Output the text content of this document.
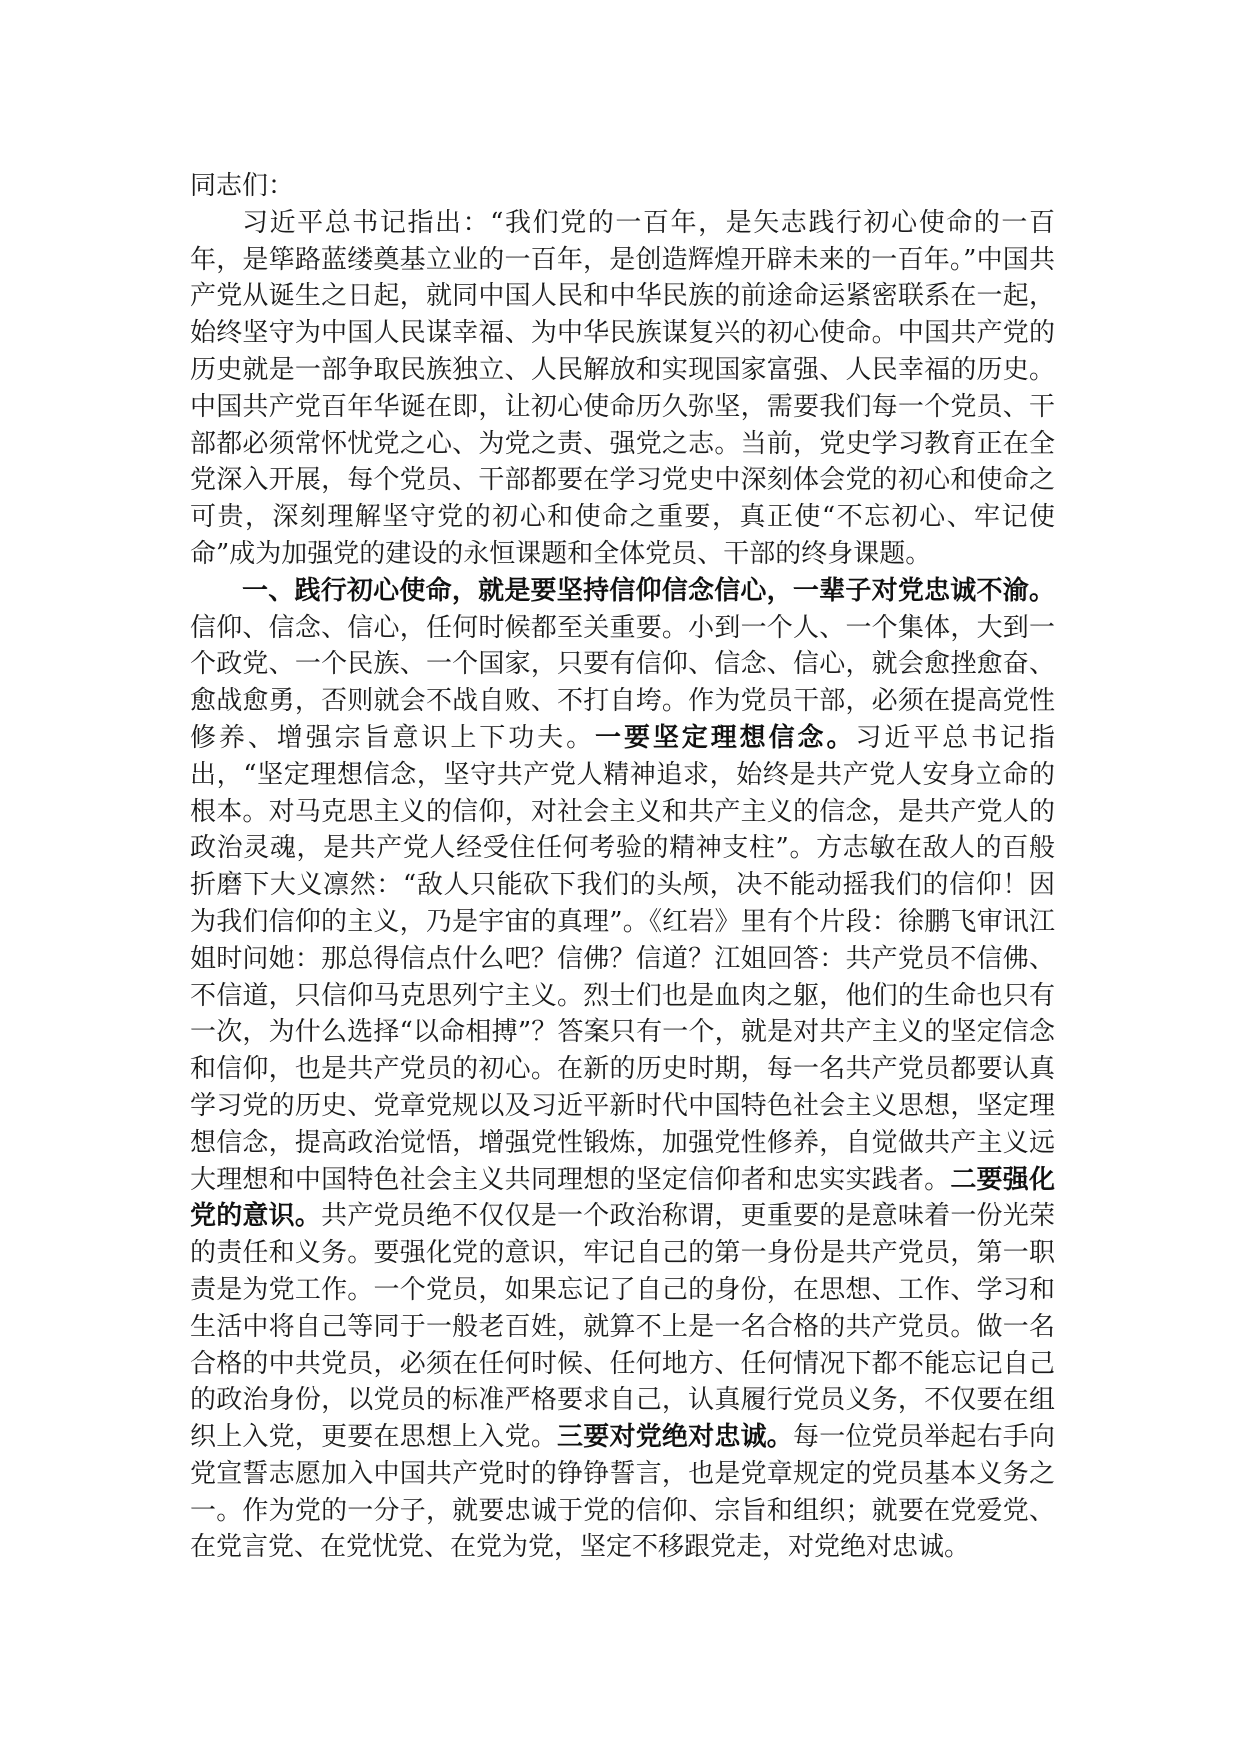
同志们：

习近平总书记指出：“我们党的一百年，是矢志践行初心使命的一百年，是筚路蓝缕奠基立业的一百年，是创造辉煌开辟未来的一百年。”中国共产党从诞生之日起，就同中国人民和中华民族的前途命运紧密联系在一起，始终坚守为中国人民谋幸福、为中华民族谋复兴的初心使命。中国共产党的历史就是一部争取民族独立、人民解放和实现国家富强、人民幸福的历史。中国共产党百年华诞在即，让初心使命历久弥坚，需要我们每一个党员、干部都必须常怀忧党之心、为党之责、强党之志。当前，党史学习教育正在全党深入开展，每个党员、干部都要在学习党史中深刻体会党的初心和使命之可贵，深刻理解坚守党的初心和使命之重要，真正使“不忘初心、牢记使命”成为加强党的建设的永恒课题和全体党员、干部的终身课题。

一、践行初心使命，就是要坚持信仰信念信心，一辈子对党忠诚不渝。信仰、信念、信心，任何时候都至关重要。小到一个人、一个集体，大到一个政党、一个民族、一个国家，只要有信仰、信念、信心，就会愈挫愈奋、愈战愈勇，否则就会不战自败、不打自垮。作为党员干部，必须在提高党性修养、增强宗旨意识上下功夫。一要坚定理想信念。习近平总书记指出，“坚定理想信念，坚守共产党人精神追求，始终是共产党人安身立命的根本。对马克思主义的信仰，对社会主义和共产主义的信念，是共产党人的政治灵魂，是共产党人经受住任何考验的精神支柱”。方志敏在敌人的百般折磨下大义凛然：“敌人只能砍下我们的头颅，决不能动摇我们的信仰！因为我们信仰的主义，乃是宇宙的真理”。《红岩》里有个片段：徐鹏飞审讯江姐时问她：那总得信点什么吧？信佛？信道？江姐回答：共产党员不信佛、不信道，只信仰马克思列宁主义。烈士们也是血肉之躯，他们的生命也只有一次，为什么选择“以命相搏”？答案只有一个，就是对共产主义的坚定信念和信仰，也是共产党员的初心。在新的历史时期，每一名共产党员都要认真学习党的历史、党章党规以及习近平新时代中国特色社会主义思想，坚定理想信念，提高政治觉悟，增强党性锻炼，加强党性修养，自觉做共产主义远大理想和中国特色社会主义共同理想的坚定信仰者和忠实实践者。二要强化党的意识。共产党员绝不仅仅是一个政治称谓，更重要的是意味着一份光荣的责任和义务。要强化党的意识，牢记自己的第一身份是共产党员，第一职责是为党工作。一个党员，如果忘记了自己的身份，在思想、工作、学习和生活中将自己等同于一般老百姓，就算不上是一名合格的共产党员。做一名合格的中共党员，必须在任何时候、任何地方、任何情况下都不能忘记自己的政治身份，以党员的标准严格要求自己，认真履行党员义务，不仅要在组织上入党，更要在思想上入党。三要对党绝对忠诚。每一位党员举起右手向党宣誓志愿加入中国共产党时的铮铮誓言，也是党章规定的党员基本义务之一。作为党的一分子，就要忠诚于党的信仰、宗旨和组织；就要在党爱党、在党言党、在党忧党、在党为党，坚定不移跟党走，对党绝对忠诚。
